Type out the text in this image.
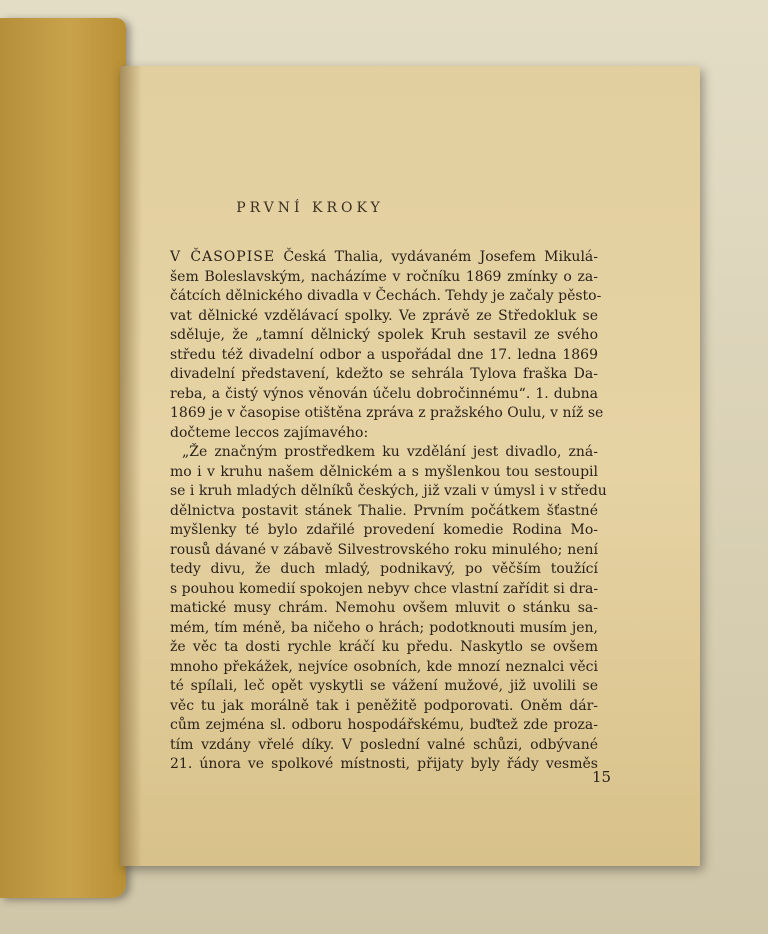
PRVNÍ KROKY
V ČASOPISE Česká Thalia, vydávaném Josefem Mikulá-
šem Boleslavským, nacházíme v ročníku 1869 zmínky o za-
čátcích dělnického divadla v Čechách. Tehdy je začaly pěsto-
vat dělnické vzdělávací spolky. Ve zprávě ze Středokluk se
sděluje, že „tamní dělnický spolek Kruh sestavil ze svého
středu též divadelní odbor a uspořádal dne 17. ledna 1869
divadelní představení, kdežto se sehrála Tylova fraška Da-
reba, a čistý výnos věnován účelu dobročinnému“. 1. dubna
1869 je v časopise otištěna zpráva z pražského Oulu, v níž se
dočteme leccos zajímavého:
„Že značným prostředkem ku vzdělání jest divadlo, zná-
mo i v kruhu našem dělnickém a s myšlenkou tou sestoupil
se i kruh mladých dělníků českých, již vzali v úmysl i v středu
dělnictva postavit stánek Thalie. Prvním počátkem šťastné
myšlenky té bylo zdařilé provedení komedie Rodina Mo-
rousů dávané v zábavě Silvestrovského roku minulého; není
tedy divu, že duch mladý, podnikavý, po věčším toužící
s pouhou komedií spokojen nebyv chce vlastní zařídit si dra-
matické musy chrám. Nemohu ovšem mluvit o stánku sa-
mém, tím méně, ba ničeho o hrách; podotknouti musím jen,
že věc ta dosti rychle kráčí ku předu. Naskytlo se ovšem
mnoho překážek, nejvíce osobních, kde mnozí neznalci věci
té spílali, leč opět vyskytli se vážení mužové, již uvolili se
věc tu jak morálně tak i peněžitě podporovati. Oněm dár-
cům zejména sl. odboru hospodářskému, buďtež zde proza-
tím vzdány vřelé díky. V poslední valné schůzi, odbývané
21. února ve spolkové místnosti, přijaty byly řády vesměs
15
